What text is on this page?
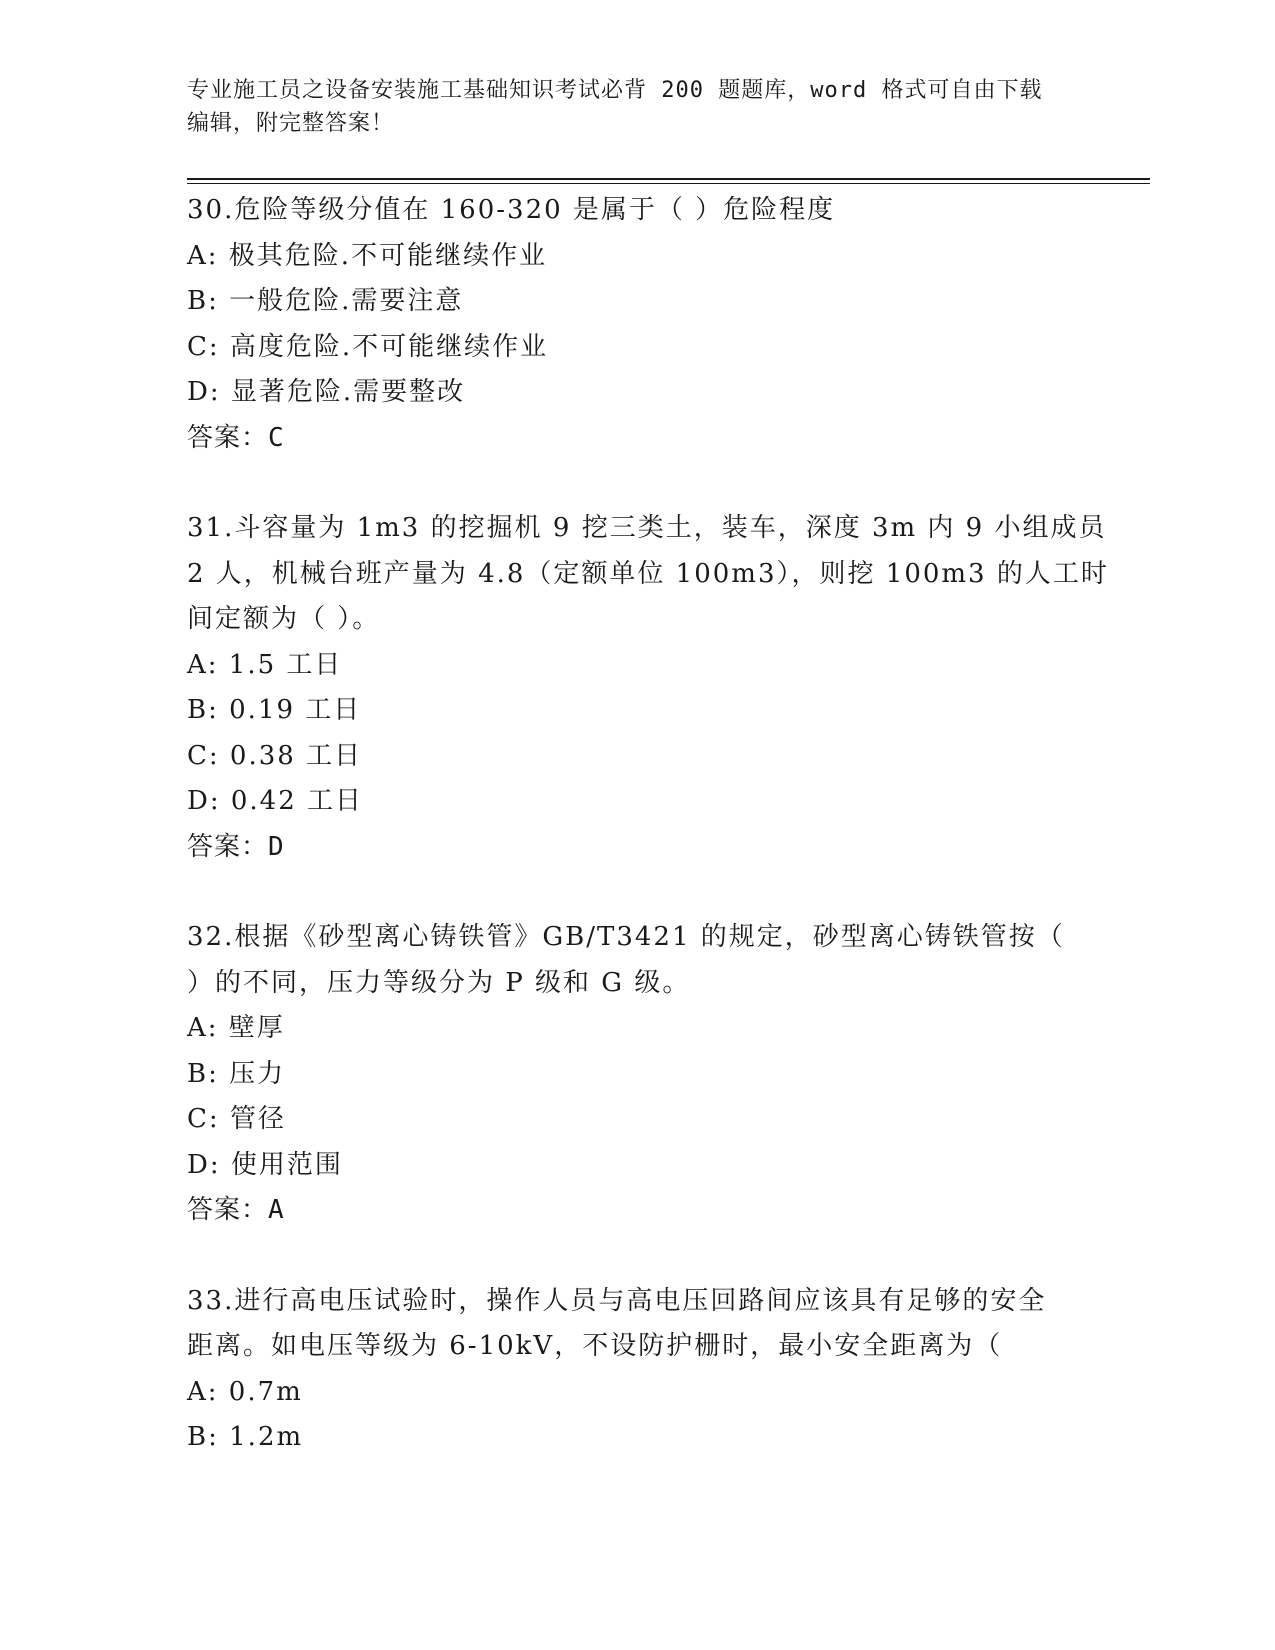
专业施工员之设备安装施工基础知识考试必背 200 题题库，word 格式可自由下载
编辑，附完整答案！
30.危险等级分值在 160-320 是属于（ ）危险程度
A: 极其危险.不可能继续作业
B: 一般危险.需要注意
C: 高度危险.不可能继续作业
D: 显著危险.需要整改
答案：C
31.斗容量为 1m3 的挖掘机 9 挖三类土，装车，深度 3m 内 9 小组成员
2 人，机械台班产量为 4.8（定额单位 100m3），则挖 100m3 的人工时
间定额为（ ）。
A: 1.5 工日
B: 0.19 工日
C: 0.38 工日
D: 0.42 工日
答案：D
32.根据《砂型离心铸铁管》GB/T3421 的规定，砂型离心铸铁管按（
）的不同，压力等级分为 P 级和 G 级。
A: 壁厚
B: 压力
C: 管径
D: 使用范围
答案：A
33.进行高电压试验时，操作人员与高电压回路间应该具有足够的安全
距离。如电压等级为 6-10kV，不设防护栅时，最小安全距离为（
A: 0.7m
B: 1.2m
